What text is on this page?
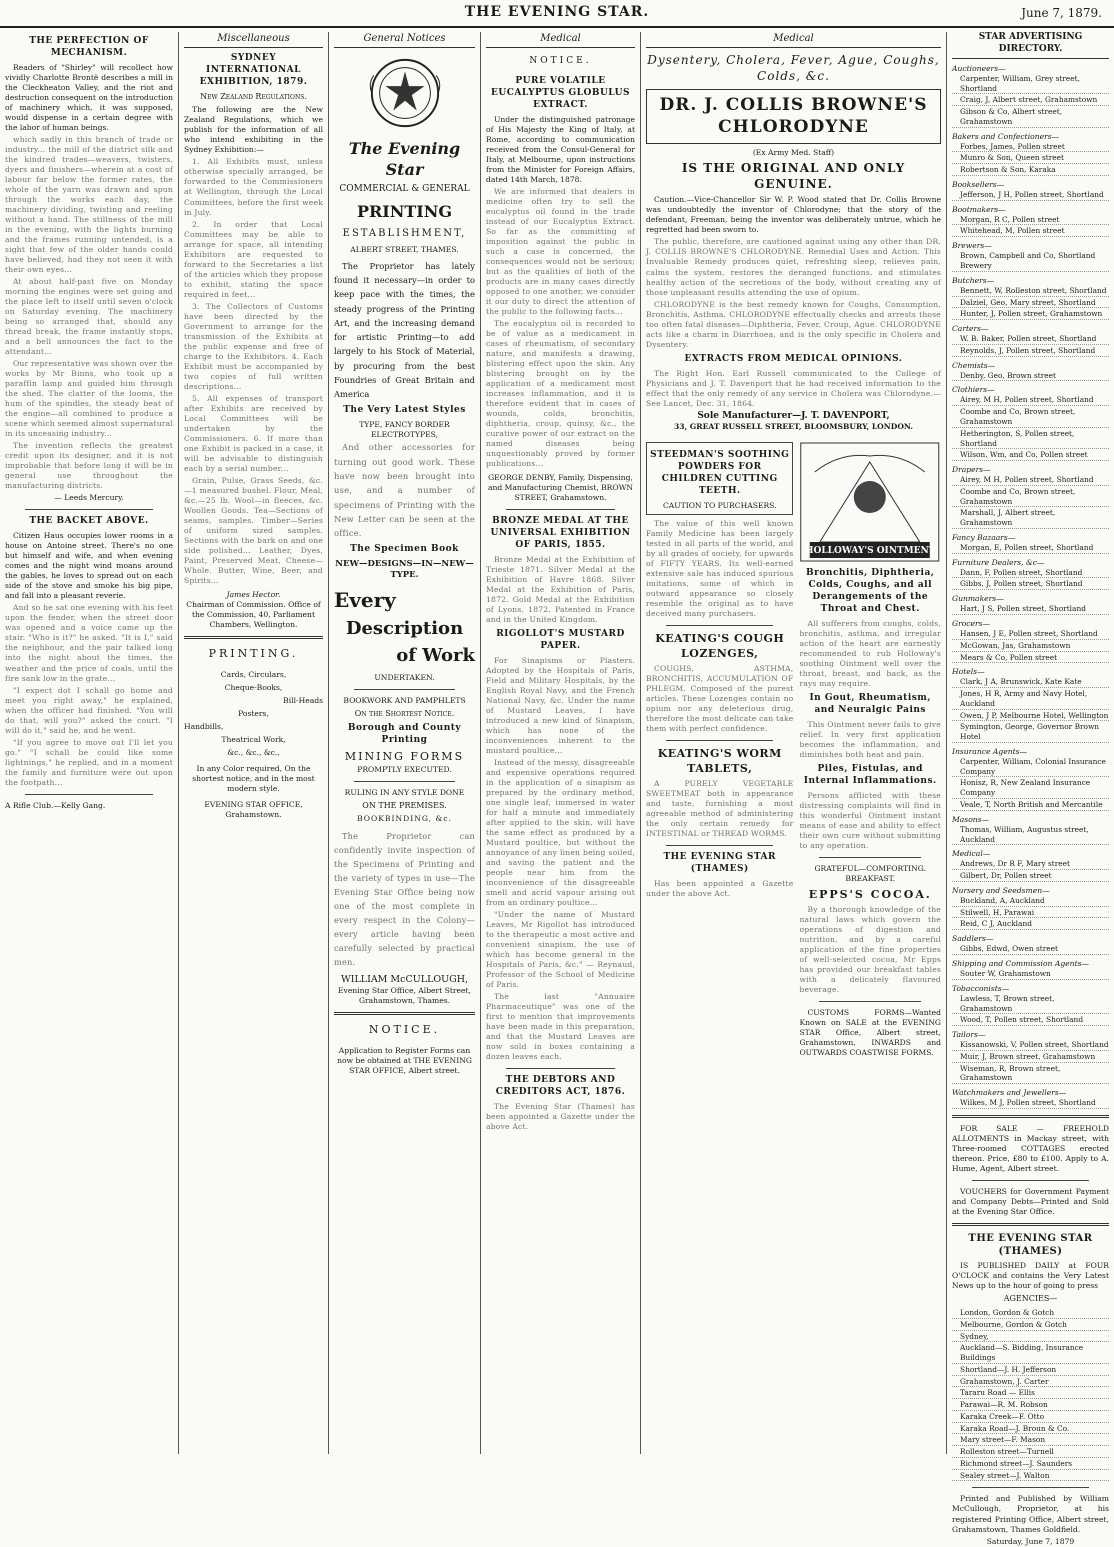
THE EVENING STAR.	June 7, 1879.
THE PERFECTION OF MECHANISM.

Readers of "Shirley" will recollect how vividly Charlotte Brontë describes a mill in the Cleckheaton Valley, and the riot and destruction consequent on the introduction of machinery which, it was supposed, would dispense in a certain degree with the labor of human beings.

which sadly in this branch of trade or industry... the mill of the district silk and the kindred trades—weavers, twisters, dyers and finishers—wherein at a cost of labour far below the former rates, the whole of the yarn was drawn and spun through the works each day, the machinery dividing, twisting and reeling without a hand. The stillness of the mill in the evening, with the lights burning and the frames running untended, is a sight that few of the older hands could have believed, had they not seen it with their own eyes...

At about half-past five on Monday morning the engines were set going and the place left to itself until seven o'clock on Saturday evening. The machinery being so arranged that, should any thread break, the frame instantly stops, and a bell announces the fact to the attendant...

Our representative was shown over the works by Mr Binns, who took up a paraffin lamp and guided him through the shed. The clatter of the looms, the hum of the spindles, the steady beat of the engine—all combined to produce a scene which seemed almost supernatural in its unceasing industry...

The invention reflects the greatest credit upon its designer, and it is not improbable that before long it will be in general use throughout the manufacturing districts.

— Leeds Mercury.
THE BACKET ABOVE.

Citizen Haus occupies lower rooms in a house on Antoine street. There's no one but himself and wife, and when evening comes and the night wind moans around the gables, he loves to spread out on each side of the stove and smoke his big pipe, and fall into a pleasant reverie.

And so he sat one evening with his feet upon the fender, when the street door was opened and a voice came up the stair. "Who is it?" he asked. "It is I," said the neighbour, and the pair talked long into the night about the times, the weather and the price of coals, until the fire sank low in the grate...

"I expect dot I schall go home and meet you right away," he explained, when the officer had finished. "You will do that, will you?" asked the court. "I will do it," said he, and he went.

"If you agree to move out I'll let you go." "I schall be could like some lightnings," he replied, and in a moment the family and furniture were out upon the footpath...

A Rifle Club.—Kelly Gang.
Miscellaneous
SYDNEY INTERNATIONAL EXHIBITION, 1879.
New Zealand Regulations.

The following are the New Zealand Regulations, which we publish for the information of all who intend exhibiting in the Sydney Exhibition:—

1. All Exhibits must, unless otherwise specially arranged, be forwarded to the Commissioners at Wellington, through the Local Committees, before the first week in July.

2. In order that Local Committees may be able to arrange for space, all intending Exhibitors are requested to forward to the Secretaries a list of the articles which they propose to exhibit, stating the space required in feet...

3. The Collectors of Customs have been directed by the Government to arrange for the transmission of the Exhibits at the public expense and free of charge to the Exhibitors. 4. Each Exhibit must be accompanied by two copies of full written descriptions...

5. All expenses of transport after Exhibits are received by Local Committees will be undertaken by the Commissioners. 6. If more than one Exhibit is packed in a case, it will be advisable to distinguish each by a serial number...

Grain, Pulse, Grass Seeds, &c.—1 measured bushel. Flour, Meal, &c.—25 lb. Wool—in fleeces, &c. Woollen Goods. Tea—Sections of seams, samples. Timber—Series of uniform sized samples. Sections with the bark on and one side polished... Leather, Dyes, Paint, Preserved Meat, Cheese—Whole. Butter, Wine, Beer, and Spirits...

James Hector.
Chairman of Commission. Office of the Commission, 40, Parliament Chambers, Wellington.
PRINTING.
Cards, Circulars,
Cheque-Books,
Bill-Heads
Posters,
Handbills,
Theatrical Work,
&c., &c., &c.,
In any Color required, On the shortest notice, and in the most modern style.
EVENING STAR OFFICE, Grahamstown.
General Notices
The Evening Star
COMMERCIAL & GENERAL
PRINTING
ESTABLISHMENT,
ALBERT STREET, THAMES.

The Proprietor has lately found it necessary—in order to keep pace with the times, the steady progress of the Printing Art, and the increasing demand for artistic Printing—to add largely to his Stock of Material, by procuring from the best Foundries of Great Britain and America

The Very Latest Styles
TYPE, FANCY BORDER ELECTROTYPES,

And other accessories for turning out good work. These have now been brought into use, and a number of specimens of Printing with the New Letter can be seen at the office.

The Specimen Book
NEW—DESIGNS—IN—NEW—TYPE.
Every
Description
of Work
UNDERTAKEN.
BOOKWORK AND PAMPHLETS
On the Shortest Notice.
Borough and County Printing
MINING FORMS
PROMPTLY EXECUTED.
RULING IN ANY STYLE DONE
ON THE PREMISES.
BOOKBINDING, &c.

The Proprietor can confidently invite inspection of the Specimens of Printing and the variety of types in use—The Evening Star Office being now one of the most complete in every respect in the Colony—every article having been carefully selected by practical men.

WILLIAM McCULLOUGH,
Evening Star Office, Albert Street, Grahamstown, Thames.
NOTICE.
Application to Register Forms can now be obtained at THE EVENING STAR OFFICE, Albert street.
Medical
NOTICE.
PURE VOLATILE EUCALYPTUS GLOBULUS EXTRACT.

Under the distinguished patronage of His Majesty the King of Italy, at Rome, according to communication received from the Consul-General for Italy, at Melbourne, upon instructions from the Minister for Foreign Affairs, dated 14th March, 1878.

We are informed that dealers in medicine often try to sell the eucalyptus oil found in the trade instead of our Eucalyptus Extract. So far as the committing of imposition against the public in such a case is concerned, the consequences would not be serious; but as the qualities of both of the products are in many cases directly opposed to one another, we consider it our duty to direct the attention of the public to the following facts...

The eucalyptus oil is recorded to be of value as a medicament in cases of rheumatism, of secondary nature, and manifests a drawing, blistering effect upon the skin. Any blistering brought on by the application of a medicament most increases inflammation, and it is therefore evident that in cases of wounds, colds, bronchitis, diphtheria, croup, quinsy, &c., the curative power of our extract on the named diseases being unquestionably proved by former publications...

GEORGE DENBY, Family, Dispensing, and Manufacturing Chemist, BROWN STREET, Grahamstown.
BRONZE MEDAL AT THE UNIVERSAL EXHIBITION OF PARIS, 1855.

Bronze Medal at the Exhibition of Trieste 1871. Silver Medal at the Exhibition of Havre 1868. Silver Medal at the Exhibition of Paris, 1872. Gold Medal at the Exhibition of Lyons, 1872. Patented in France and in the United Kingdom.

RIGOLLOT'S MUSTARD PAPER.

For Sinapisms or Plasters. Adopted by the Hospitals of Paris, Field and Military Hospitals, by the English Royal Navy, and the French National Navy, &c. Under the name of Mustard Leaves, I have introduced a new kind of Sinapism, which has none of the inconveniences inherent to the mustard poultice...

Instead of the messy, disagreeable and expensive operations required in the application of a sinapism as prepared by the ordinary method, one single leaf, immersed in water for half a minute and immediately after applied to the skin, will have the same effect as produced by a Mustard poultice, but without the annoyance of any linen being soiled, and saving the patient and the people near him from the inconvenience of the disagreeable smell and acrid vapour arising out from an ordinary poultice...

"Under the name of Mustard Leaves, Mr Rigollot has introduced to the therapeutic a most active and convenient sinapism, the use of which has become general in the Hospitals of Paris, &c." — Reynaud, Professor of the School of Medicine of Paris.

The last "Annuaire Pharmaceutique" was one of the first to mention that improvements have been made in this preparation, and that the Mustard Leaves are now sold in boxes containing a dozen leaves each.

THE DEBTORS AND CREDITORS ACT, 1876.

The Evening Star (Thames) has been appointed a Gazette under the above Act.

Medical
Dysentery, Cholera, Fever, Ague, Coughs, Colds, &c.
DR. J. COLLIS BROWNE'S CHLORODYNE
(Ex Army Med. Staff)
IS THE ORIGINAL AND ONLY GENUINE.

Caution.—Vice-Chancellor Sir W. P. Wood stated that Dr. Collis Browne was undoubtedly the inventor of Chlorodyne; that the story of the defendant, Freeman, being the inventor was deliberately untrue, which he regretted had been sworn to.

The public, therefore, are cautioned against using any other than DR. J. COLLIS BROWNE'S CHLORODYNE. Remedial Uses and Action. This Invaluable Remedy produces quiet, refreshing sleep, relieves pain, calms the system, restores the deranged functions, and stimulates healthy action of the secretions of the body, without creating any of those unpleasant results attending the use of opium.

CHLORODYNE is the best remedy known for Coughs, Consumption, Bronchitis, Asthma. CHLORODYNE effectually checks and arrests those too often fatal diseases—Diphtheria, Fever, Croup, Ague. CHLORODYNE acts like a charm in Diarrhoea, and is the only specific in Cholera and Dysentery.

EXTRACTS FROM MEDICAL OPINIONS.

The Right Hon. Earl Russell communicated to the College of Physicians and J. T. Davenport that he had received information to the effect that the only remedy of any service in Cholera was Chlorodyne.—See Lancet, Dec. 31, 1864.

Sole Manufacturer—J. T. DAVENPORT,
33, GREAT RUSSELL STREET, BLOOMSBURY, LONDON.
STEEDMAN'S SOOTHING POWDERS FOR CHILDREN CUTTING TEETH.
CAUTION TO PURCHASERS.

The value of this well known Family Medicine has been largely tested in all parts of the world, and by all grades of society, for upwards of FIFTY YEARS. Its well-earned extensive sale has induced spurious imitations, some of which in outward appearance so closely resemble the original as to have deceived many purchasers.

KEATING'S COUGH LOZENGES,

COUGHS, ASTHMA, BRONCHITIS, ACCUMULATION OF PHLEGM. Composed of the purest articles. These Lozenges contain no opium nor any deleterious drug, therefore the most delicate can take them with perfect confidence.

KEATING'S WORM TABLETS,

A PURELY VEGETABLE SWEETMEAT both in appearance and taste, furnishing a most agreeable method of administering the only certain remedy for INTESTINAL or THREAD WORMS.

THE EVENING STAR (THAMES)

Has been appointed a Gazette under the above Act.

HOLLOWAY'S OINTMENT
Bronchitis, Diphtheria, Colds, Coughs, and all Derangements of the Throat and Chest.

All sufferers from coughs, colds, bronchitis, asthma, and irregular action of the heart are earnestly recommended to rub Holloway's soothing Ointment well over the throat, breast, and back, as the rays may require.

In Gout, Rheumatism, and Neuralgic Pains

This Ointment never fails to give relief. In very first application becomes the inflammation, and diminishes both heat and pain.

Piles, Fistulas, and Internal Inflammations.

Persons afflicted with these distressing complaints will find in this wonderful Ointment instant means of ease and ability to effect their own cure without submitting to any operation.

GRATEFUL—COMFORTING.
BREAKFAST.
EPPS'S COCOA.

By a thorough knowledge of the natural laws which govern the operations of digestion and nutrition, and by a careful application of the fine properties of well-selected cocoa, Mr Epps has provided our breakfast tables with a delicately flavoured beverage.

CUSTOMS FORMS—Wanted Known on SALE at the EVENING STAR Office, Albert street, Grahamstown, INWARDS and OUTWARDS COASTWISE FORMS.

STAR ADVERTISING DIRECTORY.
Auctioneers—
Carpenter, William, Grey street, Shortland
Craig, J, Albert street, Grahamstown
Gibson & Co, Albert street, Grahamstown
Bakers and Confectioners—
Forbes, James, Pollen street
Munro & Son, Queen street
Robertson & Son, Karaka
Booksellers—
Jefferson, J H, Pollen street, Shortland
Bootmakers—
Morgan, R C, Pollen street
Whitehead, M, Pollen street
Brewers—
Brown, Campbell and Co, Shortland Brewery
Butchers—
Bennett, W, Rolleston street, Shortland
Dalziel, Geo, Mary street, Shortland
Hunter, J, Pollen street, Grahamstown
Carters—
W. B. Baker, Pollen street, Shortland
Reynolds, J, Pollen street, Shortland
Chemists—
Denby, Geo, Brown street
Clothiers—
Airey, M H, Pollen street, Shortland
Coombe and Co, Brown street, Grahamstown
Hetherington, S, Pollen street, Shortland
Wilson, Wm, and Co, Pollen street
Drapers—
Airey, M H, Pollen street, Shortland
Coombe and Co, Brown street, Grahamstown
Marshall, J, Albert street, Grahamstown
Fancy Bazaars—
Morgan, E, Pollen street, Shortland
Furniture Dealers, &c—
Dann, F, Pollen street, Shortland
Gibbs, J, Pollen street, Shortland
Gunmakers—
Hart, J S, Pollen street, Shortland
Grocers—
Hansen, J E, Pollen street, Shortland
McGowan, Jas, Grahamstown
Mears & Co, Pollen street
Hotels—
Clark, J A, Brunswick, Kate Kate
Jones, H R, Army and Navy Hotel, Auckland
Owen, J P, Melbourne Hotel, Wellington
Symington, George, Governor Brown Hotel
Insurance Agents—
Carpenter, William, Colonial Insurance Company
Honisz, R, New Zealand Insurance Company
Veale, T, North British and Mercantile
Masons—
Thomas, William, Augustus street, Auckland
Medical—
Andrews, Dr R F, Mary street
Gilbert, Dr, Pollen street
Nursery and Seedsmen—
Buckland, A, Auckland
Stilwell, H, Parawai
Reid, C J, Auckland
Saddlers—
Gibbs, Edwd, Owen street
Shipping and Commission Agents—
Souter W, Grahamstown
Tobacconists—
Lawless, T, Brown street, Grahamstown
Wood, T, Pollen street, Shortland
Tailors—
Kissanowski, V, Pollen street, Shortland
Muir, J, Brown street, Grahamstown
Wiseman, R, Brown street, Grahamstown
Watchmakers and Jewellers—
Wilkes, M J, Pollen street, Shortland

FOR SALE — FREEHOLD ALLOTMENTS in Mackay street, with Three-roomed COTTAGES erected thereon. Price, £80 to £100. Apply to A. Hume, Agent, Albert street.

VOUCHERS for Government Payment and Company Debts—Printed and Sold at the Evening Star Office.

THE EVENING STAR (THAMES)

IS PUBLISHED DAILY at FOUR O'CLOCK and contains the Very Latest News up to the hour of going to press

AGENCIES—
London, Gordon & Gotch
Melbourne, Gordon & Gotch
Sydney,
Auckland—S. Bidding, Insurance Buildings
Shortland—J. H. Jefferson
Grahamstown, J. Carter
Tararu Road — Ellis
Parawai—R. M. Robson
Karaka Creek—F. Otto
Karaka Road—J. Broun & Co.
Mary street—F. Mason
Rolleston street—Turnell
Richmond street—J. Saunders
Sealey street—J. Walton

Printed and Published by William McCullough, Proprietor, at his registered Printing Office, Albert street, Grahamstown, Thames Goldfield.

Saturday, June 7, 1879
